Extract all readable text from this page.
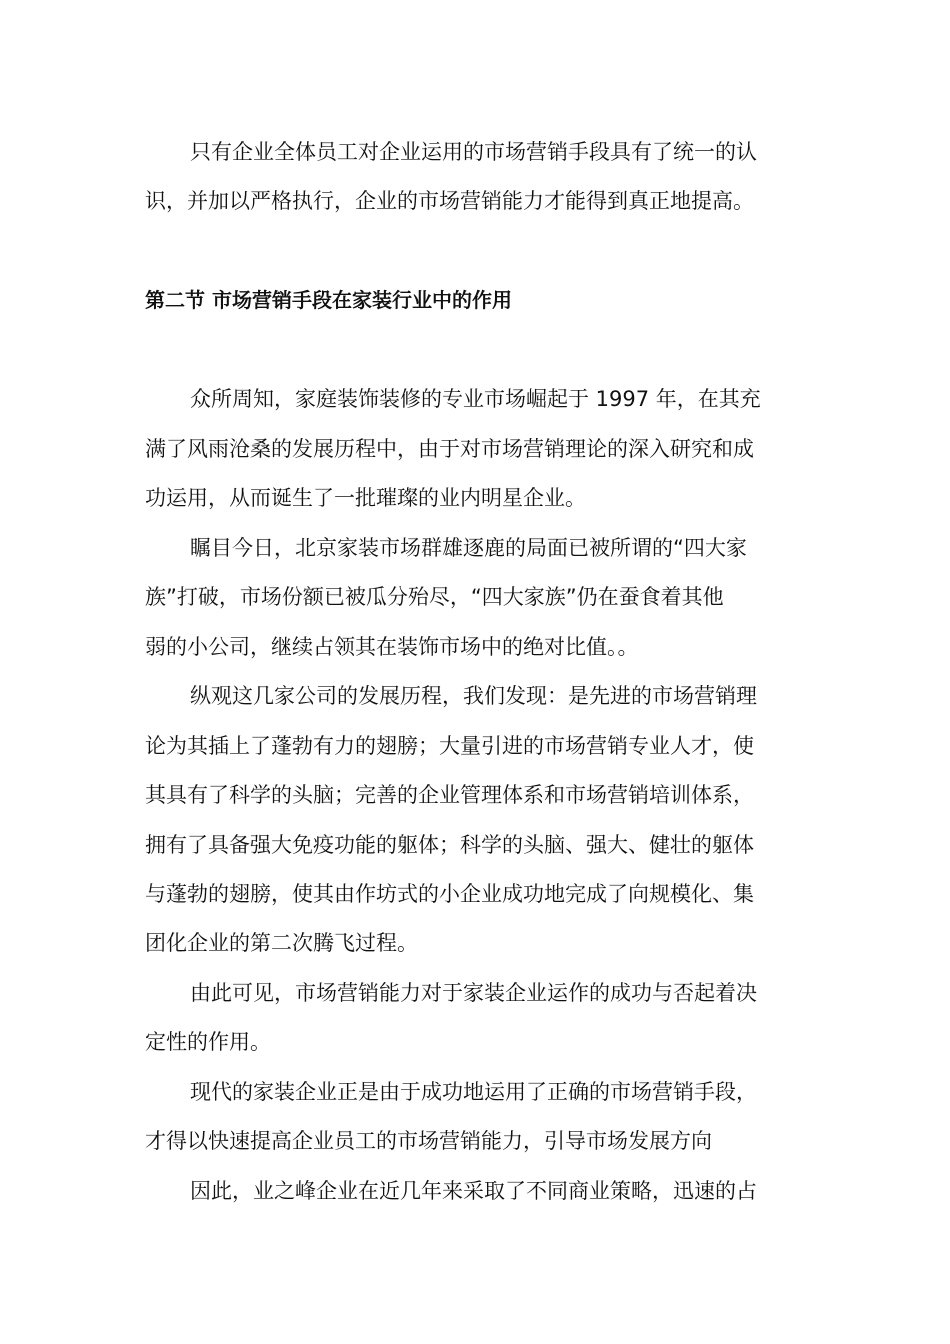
只有企业全体员工对企业运用的市场营销手段具有了统一的认
识，并加以严格执行，企业的市场营销能力才能得到真正地提高。
第二节 市场营销手段在家装行业中的作用
众所周知，家庭装饰装修的专业市场崛起于 1997 年，在其充
满了风雨沧桑的发展历程中，由于对市场营销理论的深入研究和成
功运用，从而诞生了一批璀璨的业内明星企业。
瞩目今日，北京家装市场群雄逐鹿的局面已被所谓的“四大家
族”打破，市场份额已被瓜分殆尽，“四大家族”仍在蚕食着其他
弱的小公司，继续占领其在装饰市场中的绝对比值。。
纵观这几家公司的发展历程，我们发现：是先进的市场营销理
论为其插上了蓬勃有力的翅膀；大量引进的市场营销专业人才，使
其具有了科学的头脑；完善的企业管理体系和市场营销培训体系，
拥有了具备强大免疫功能的躯体；科学的头脑、强大、健壮的躯体
与蓬勃的翅膀，使其由作坊式的小企业成功地完成了向规模化、集
团化企业的第二次腾飞过程。
由此可见，市场营销能力对于家装企业运作的成功与否起着决
定性的作用。
现代的家装企业正是由于成功地运用了正确的市场营销手段，
才得以快速提高企业员工的市场营销能力，引导市场发展方向
因此，业之峰企业在近几年来采取了不同商业策略，迅速的占
